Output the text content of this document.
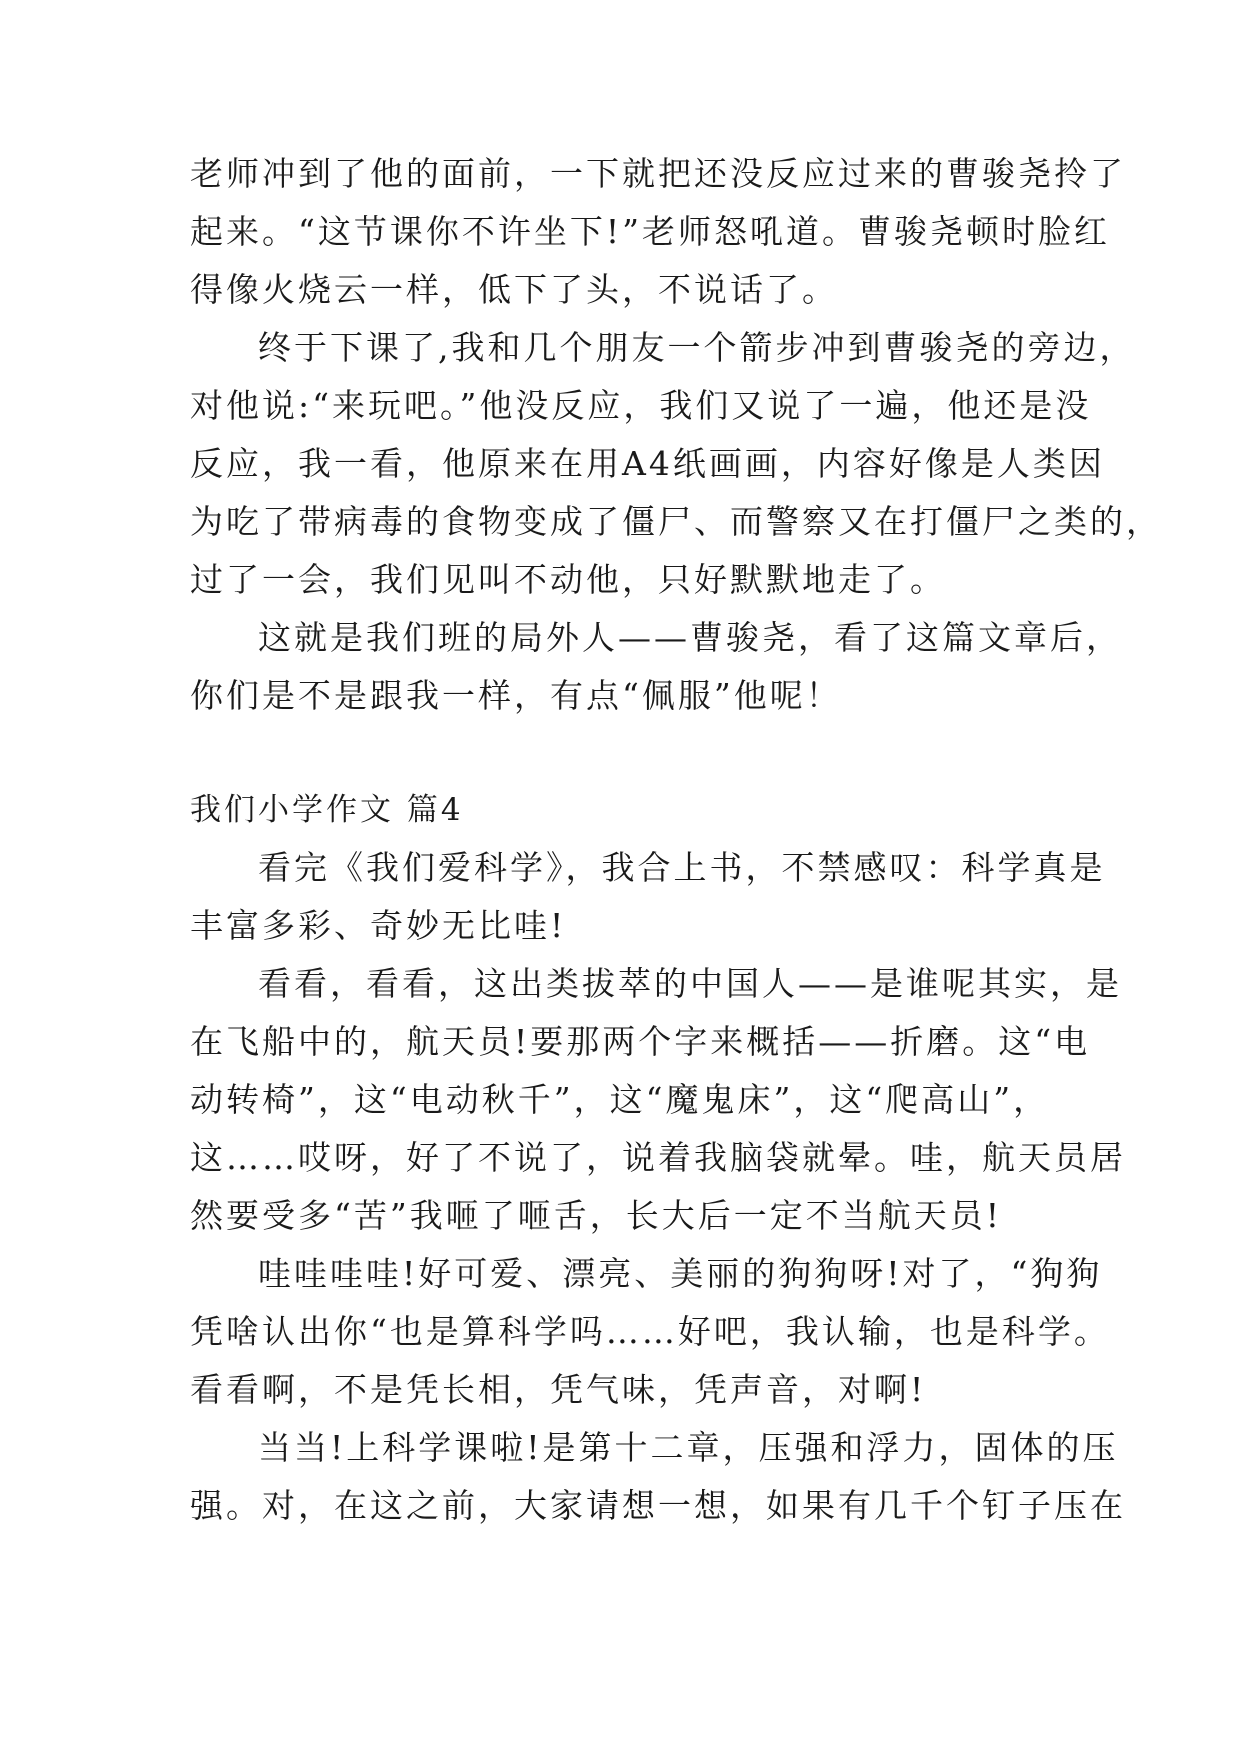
老师冲到了他的面前，一下就把还没反应过来的曹骏尧拎了
起来。“这节课你不许坐下!”老师怒吼道。曹骏尧顿时脸红
得像火烧云一样，低下了头，不说话了。
终于下课了,我和几个朋友一个箭步冲到曹骏尧的旁边，
对他说:“来玩吧。”他没反应，我们又说了一遍，他还是没
反应，我一看，他原来在用A4纸画画，内容好像是人类因
为吃了带病毒的食物变成了僵尸、而警察又在打僵尸之类的，
过了一会，我们见叫不动他，只好默默地走了。
这就是我们班的局外人——曹骏尧，看了这篇文章后，
你们是不是跟我一样，有点“佩服”他呢！
我们小学作文 篇4
看完《我们爱科学》，我合上书，不禁感叹：科学真是
丰富多彩、奇妙无比哇!
看看，看看，这出类拔萃的中国人——是谁呢其实，是
在飞船中的，航天员!要那两个字来概括——折磨。这“电
动转椅”，这“电动秋千”，这“魔鬼床”，这“爬高山”，
这……哎呀，好了不说了，说着我脑袋就晕。哇，航天员居
然要受多“苦”我咂了咂舌，长大后一定不当航天员!
哇哇哇哇!好可爱、漂亮、美丽的狗狗呀!对了，“狗狗
凭啥认出你“也是算科学吗……好吧，我认输，也是科学。
看看啊，不是凭长相，凭气味，凭声音，对啊!
当当!上科学课啦!是第十二章，压强和浮力，固体的压
强。对，在这之前，大家请想一想，如果有几千个钉子压在
